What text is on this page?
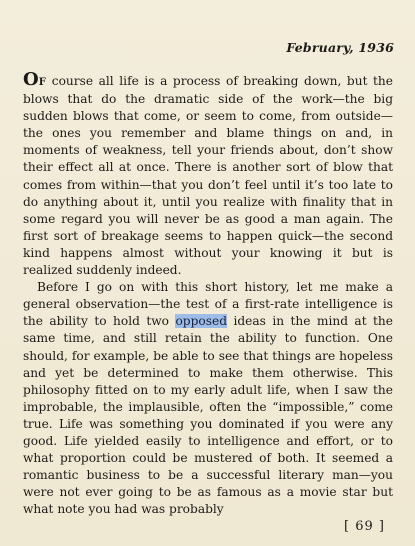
February, 1936

OF course all life is a process of breaking down, but the blows that do the dramatic side of the work—the big sudden blows that come, or seem to come, from outside—the ones you remember and blame things on and, in moments of weakness, tell your friends about, don’t show their effect all at once. There is another sort of blow that comes from within—that you don’t feel until it’s too late to do anything about it, until you realize with finality that in some regard you will never be as good a man again. The first sort of breakage seems to happen quick—the second kind happens almost without your knowing it but is realized suddenly indeed.

Before I go on with this short history, let me make a general observation—the test of a first-rate intelligence is the ability to hold two opposed ideas in the mind at the same time, and still retain the ability to function. One should, for example, be able to see that things are hopeless and yet be determined to make them otherwise. This philosophy fitted on to my early adult life, when I saw the improbable, the implausible, often the “impossible,” come true. Life was something you dominated if you were any good. Life yielded easily to intelligence and effort, or to what proportion could be mustered of both. It seemed a romantic business to be a successful literary man—you were not ever going to be as famous as a movie star but what note you had was probably

[ 69 ]
